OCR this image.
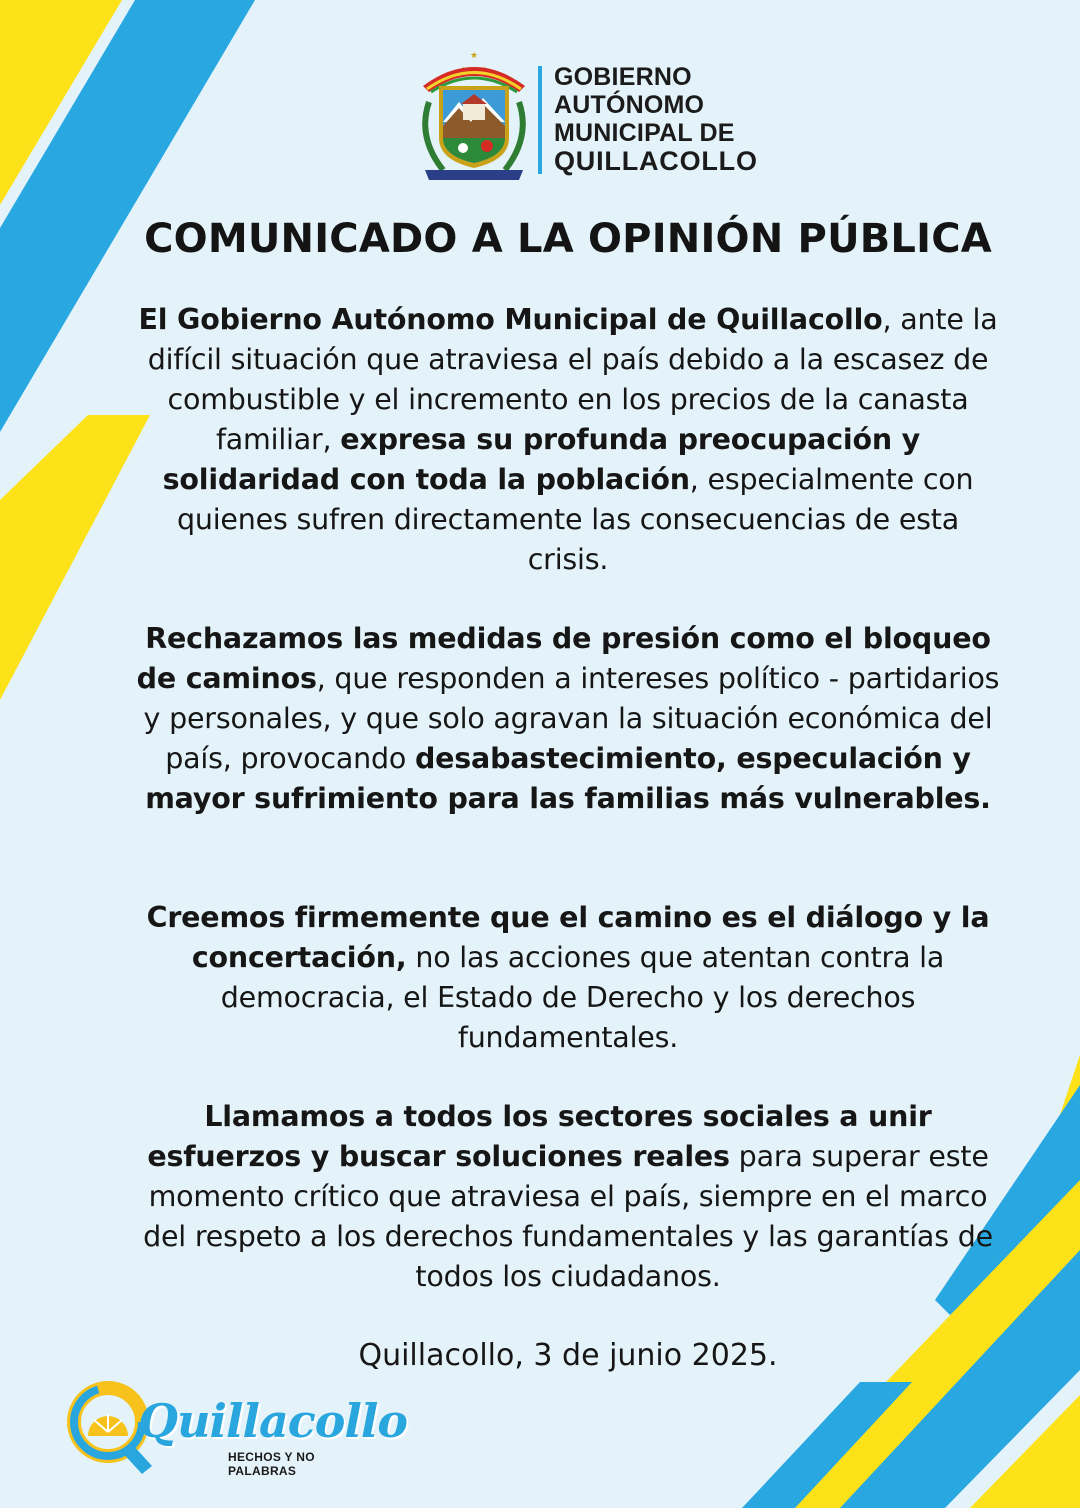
★
GOBIERNO
AUTÓNOMO
MUNICIPAL DE
QUILLACOLLO
COMUNICADO A LA OPINIÓN PÚBLICA
El Gobierno Autónomo Municipal de Quillacollo, ante la difícil situación que atraviesa el país debido a la escasez de combustible y el incremento en los precios de la canasta familiar, expresa su profunda preocupación y solidaridad con toda la población, especialmente con quienes sufren directamente las consecuencias de esta crisis.
Rechazamos las medidas de presión como el bloqueo de caminos, que responden a intereses político - partidarios y personales, y que solo agravan la situación económica del país, provocando desabastecimiento, especulación y mayor sufrimiento para las familias más vulnerables.
Creemos firmemente que el camino es el diálogo y la concertación, no las acciones que atentan contra la democracia, el Estado de Derecho y los derechos fundamentales.
Llamamos a todos los sectores sociales a unir esfuerzos y buscar soluciones reales para superar este momento crítico que atraviesa el país, siempre en el marco del respeto a los derechos fundamentales y las garantías de todos los ciudadanos.
Quillacollo, 3 de junio 2025.
Quillacollo
HECHOS Y NO PALABRAS
